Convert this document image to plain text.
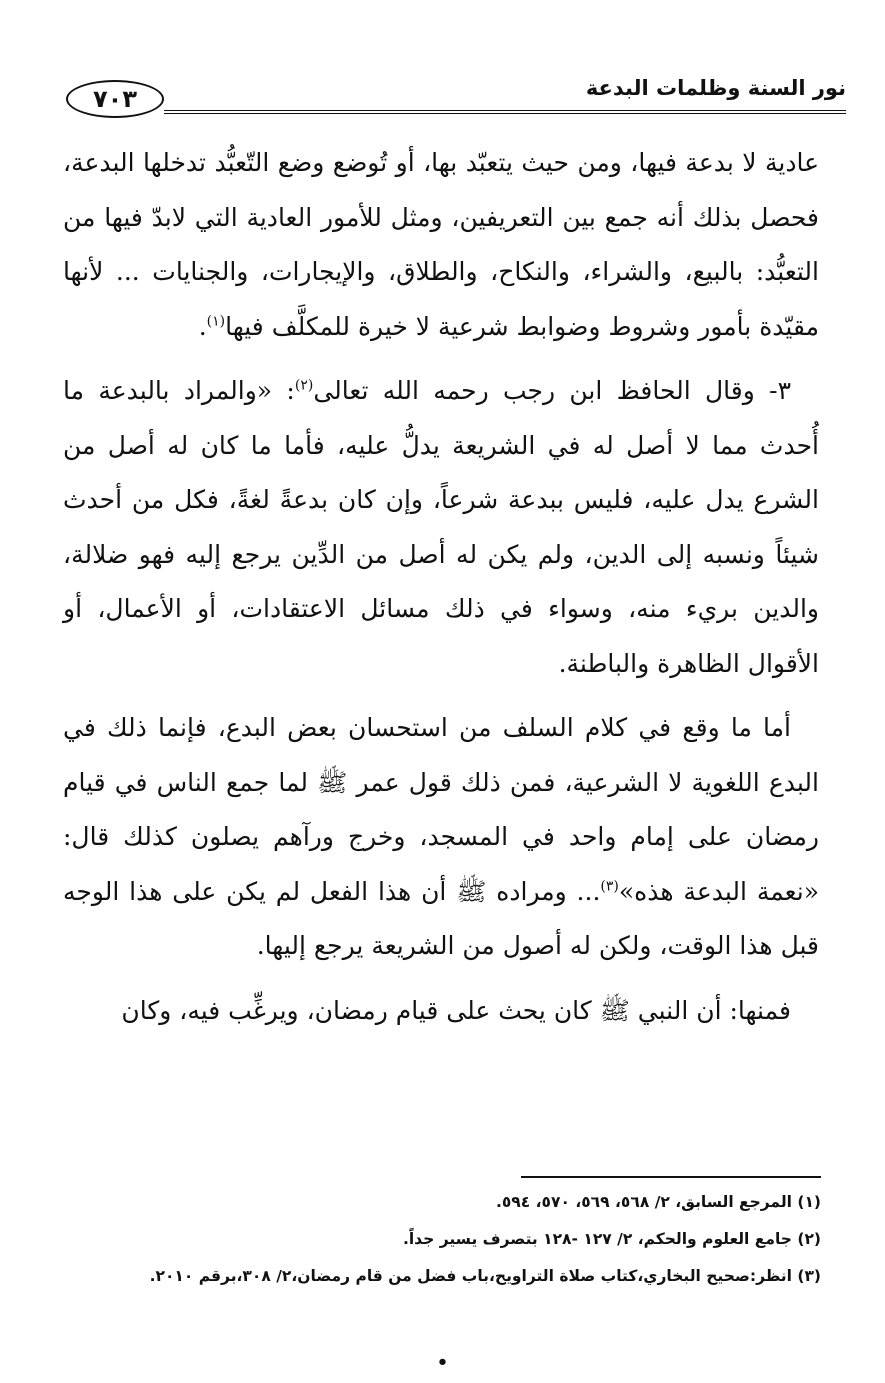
نور السنة وظلمات البدعة
٧٠٣

عادية لا بدعة فيها، ومن حيث يتعبّد بها، أو تُوضع وضع التّعبُّد تدخلها البدعة، فحصل بذلك أنه جمع بين التعريفين، ومثل للأمور العادية التي لابدّ فيها من التعبُّد: بالبيع، والشراء، والنكاح، والطلاق، والإيجارات، والجنايات ... لأنها مقيّدة بأمور وشروط وضوابط شرعية لا خيرة للمكلَّف فيها$^{(١)}$.

٣- وقال الحافظ ابن رجب رحمه الله تعالى$^{(٢)}$: «والمراد بالبدعة ما أُحدث مما لا أصل له في الشريعة يدلُّ عليه، فأما ما كان له أصل من الشرع يدل عليه، فليس ببدعة شرعاً، وإن كان بدعةً لغةً، فكل من أحدث شيئاً ونسبه إلى الدين، ولم يكن له أصل من الدِّين يرجع إليه فهو ضلالة، والدين بريء منه، وسواء في ذلك مسائل الاعتقادات، أو الأعمال، أو الأقوال الظاهرة والباطنة.

أما ما وقع في كلام السلف من استحسان بعض البدع، فإنما ذلك في البدع اللغوية لا الشرعية، فمن ذلك قول عمر ﷺ لما جمع الناس في قيام رمضان على إمام واحد في المسجد، وخرج ورآهم يصلون كذلك قال: «نعمة البدعة هذه»$^{(٣)}$... ومراده ﷺ أن هذا الفعل لم يكن على هذا الوجه قبل هذا الوقت، ولكن له أصول من الشريعة يرجع إليها.

فمنها: أن النبي ﷺ كان يحث على قيام رمضان، ويرغِّب فيه، وكان

(١) المرجع السابق، ٢/ ٥٦٨، ٥٦٩، ٥٧٠، ٥٩٤.

(٢) جامع العلوم والحكم، ٢/ ١٢٧ -١٢٨ بتصرف يسير جداً.

(٣) انظر:صحيح البخاري،كتاب صلاة التراويح،باب فضل من قام رمضان،٢/ ٣٠٨،برقم ٢٠١٠.

•
